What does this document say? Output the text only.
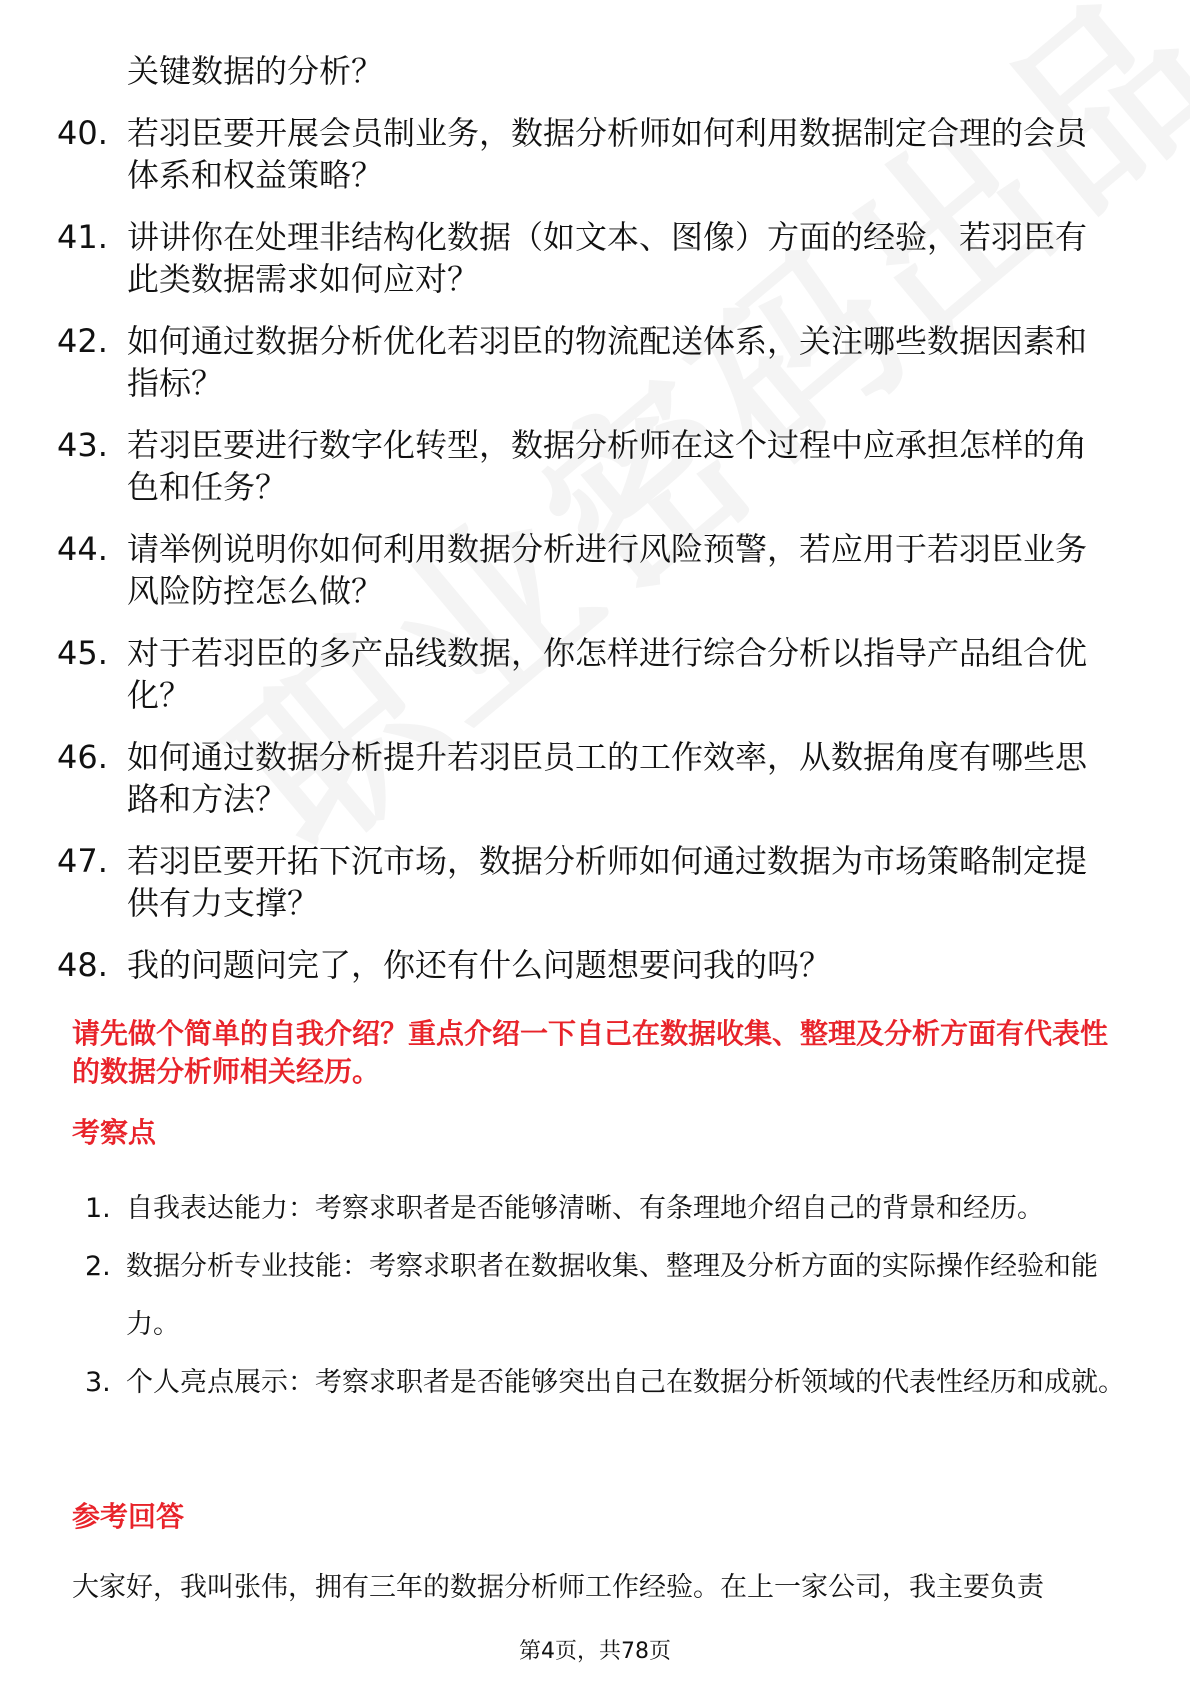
关键数据的分析？
40. 若羽臣要开展会员制业务，数据分析师如何利用数据制定合理的会员体系和权益策略？
41. 讲讲你在处理非结构化数据（如文本、图像）方面的经验，若羽臣有此类数据需求如何应对？
42. 如何通过数据分析优化若羽臣的物流配送体系，关注哪些数据因素和指标？
43. 若羽臣要进行数字化转型，数据分析师在这个过程中应承担怎样的角色和任务？
44. 请举例说明你如何利用数据分析进行风险预警，若应用于若羽臣业务风险防控怎么做？
45. 对于若羽臣的多产品线数据，你怎样进行综合分析以指导产品组合优化？
46. 如何通过数据分析提升若羽臣员工的工作效率，从数据角度有哪些思路和方法？
47. 若羽臣要开拓下沉市场，数据分析师如何通过数据为市场策略制定提供有力支撑？
48. 我的问题问完了，你还有什么问题想要问我的吗？
请先做个简单的自我介绍？重点介绍一下自己在数据收集、整理及分析方面有代表性的数据分析师相关经历。
考察点
1. 自我表达能力：考察求职者是否能够清晰、有条理地介绍自己的背景和经历。
2. 数据分析专业技能：考察求职者在数据收集、整理及分析方面的实际操作经验和能力。
3. 个人亮点展示：考察求职者是否能够突出自己在数据分析领域的代表性经历和成就。
参考回答
大家好，我叫张伟，拥有三年的数据分析师工作经验。在上一家公司，我主要负责
第4页，共78页
